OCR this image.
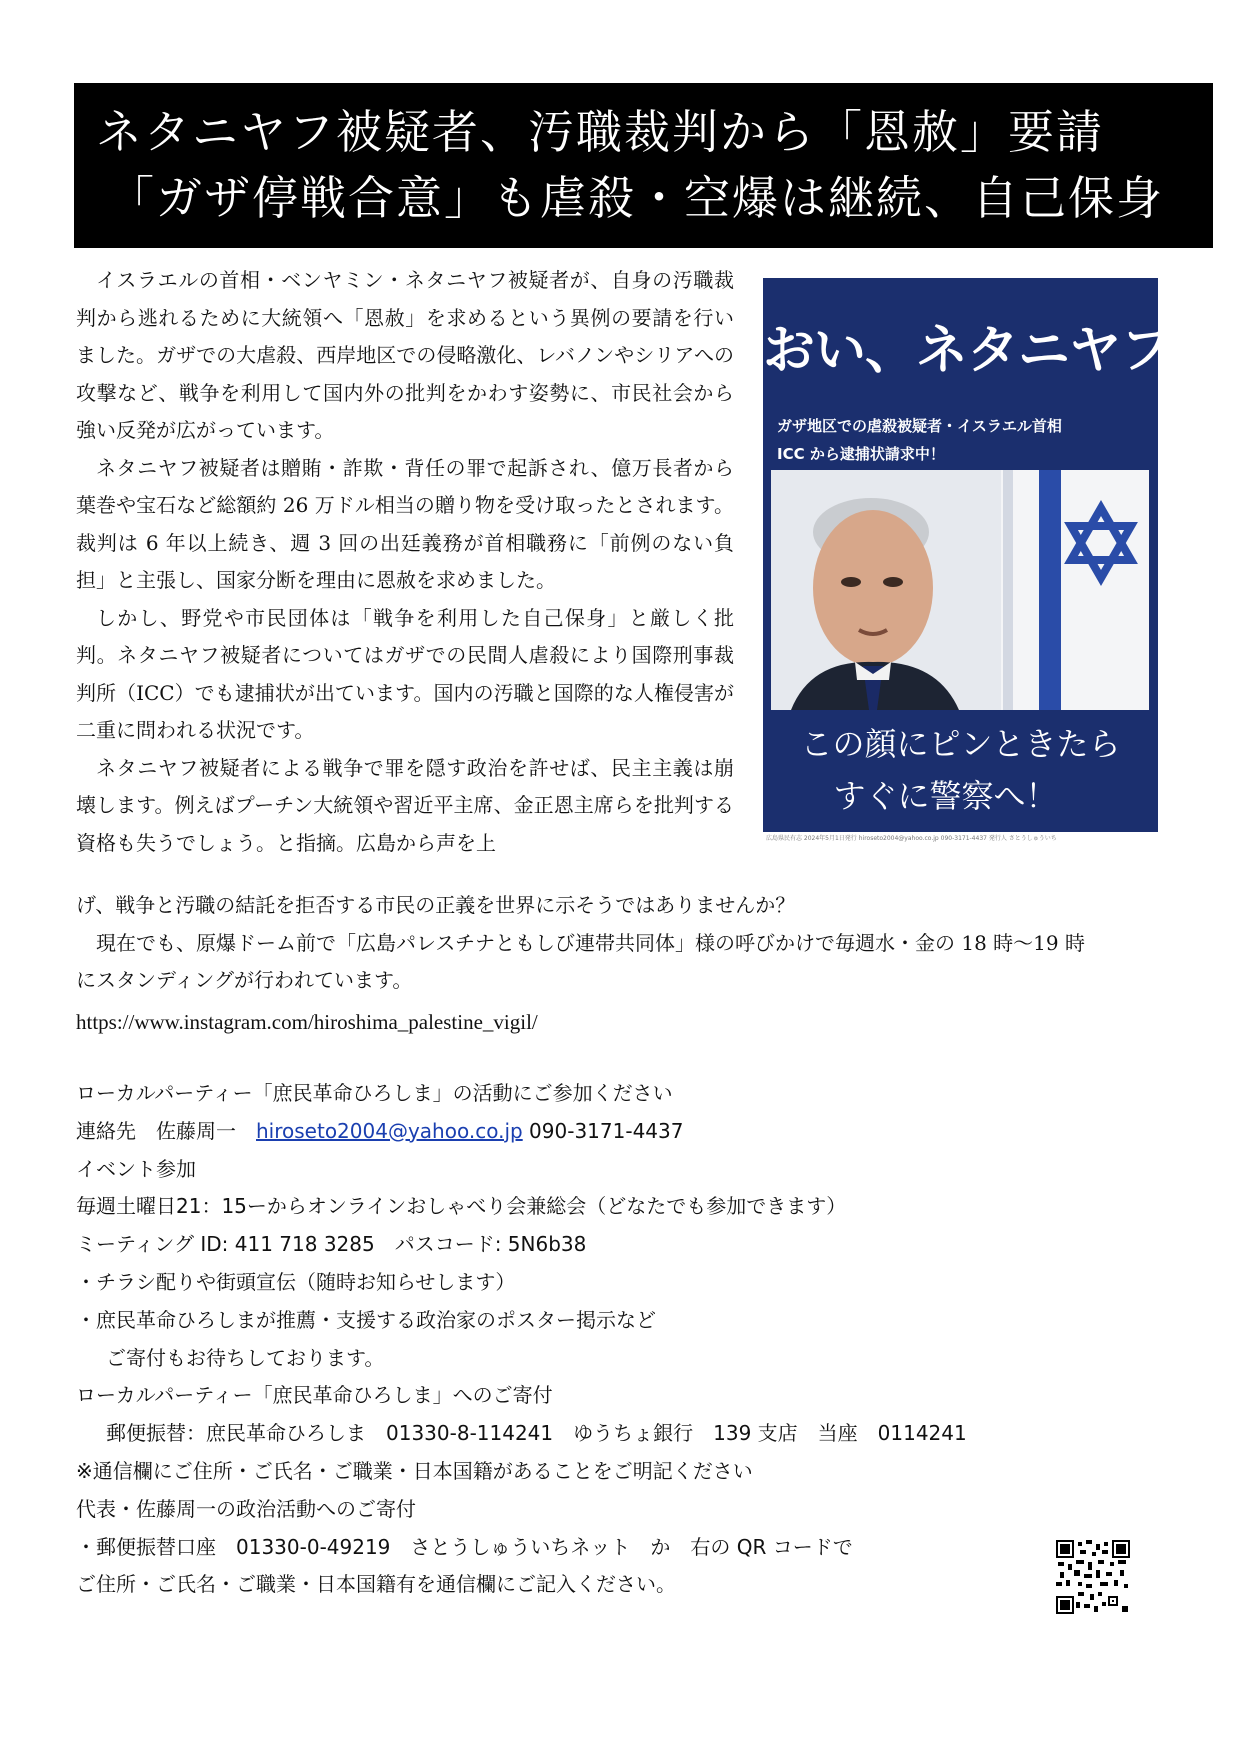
ネタニヤフ被疑者、汚職裁判から「恩赦」要請
「ガザ停戦合意」も虐殺・空爆は継続、自己保身

イスラエルの首相・ベンヤミン・ネタニヤフ被疑者が、自身の汚職裁判から逃れるために大統領へ「恩赦」を求めるという異例の要請を行いました。ガザでの大虐殺、西岸地区での侵略激化、レバノンやシリアへの攻撃など、戦争を利用して国内外の批判をかわす姿勢に、市民社会から強い反発が広がっています。

ネタニヤフ被疑者は贈賄・詐欺・背任の罪で起訴され、億万長者から葉巻や宝石など総額約 26 万ドル相当の贈り物を受け取ったとされます。裁判は 6 年以上続き、週 3 回の出廷義務が首相職務に「前例のない負担」と主張し、国家分断を理由に恩赦を求めました。

しかし、野党や市民団体は「戦争を利用した自己保身」と厳しく批判。ネタニヤフ被疑者についてはガザでの民間人虐殺により国際刑事裁判所（ICC）でも逮捕状が出ています。国内の汚職と国際的な人権侵害が二重に問われる状況です。

ネタニヤフ被疑者による戦争で罪を隠す政治を許せば、民主主義は崩壊します。例えばプーチン大統領や習近平主席、金正恩主席らを批判する資格も失うでしょう。と指摘。広島から声を上

げ、戦争と汚職の結託を拒否する市民の正義を世界に示そうではありませんか？

　現在でも、原爆ドーム前で「広島パレスチナともしび連帯共同体」様の呼びかけで毎週水・金の 18 時～19 時

にスタンディングが行われています。

https://www.instagram.com/hiroshima_palestine_vigil/

おい、ネタニヤフ！
ガザ地区での虐殺被疑者・イスラエル首相
ICC から逮捕状請求中！
この顔にピンときたら
すぐに警察へ！
広島県民有志 2024年5月1日発行 hiroseto2004@yahoo.co.jp 090-3171-4437 発行人 さとうしゅういち
ローカルパーティー「庶民革命ひろしま」の活動にご参加ください
連絡先　佐藤周一　hiroseto2004@yahoo.co.jp 090-3171-4437
イベント参加
毎週土曜日21：15ーからオンラインおしゃべり会兼総会（どなたでも参加できます）
ミーティング ID: 411 718 3285　パスコード: 5N6b38
・チラシ配りや街頭宣伝（随時お知らせします）
・庶民革命ひろしまが推薦・支援する政治家のポスター掲示など
ご寄付もお待ちしております。
ローカルパーティー「庶民革命ひろしま」へのご寄付
郵便振替：庶民革命ひろしま　01330-8-114241　ゆうちょ銀行　139 支店　当座　0114241
※通信欄にご住所・ご氏名・ご職業・日本国籍があることをご明記ください
代表・佐藤周一の政治活動へのご寄付
・郵便振替口座　01330-0-49219　さとうしゅういちネット　か　右の QR コードで
ご住所・ご氏名・ご職業・日本国籍有を通信欄にご記入ください。
